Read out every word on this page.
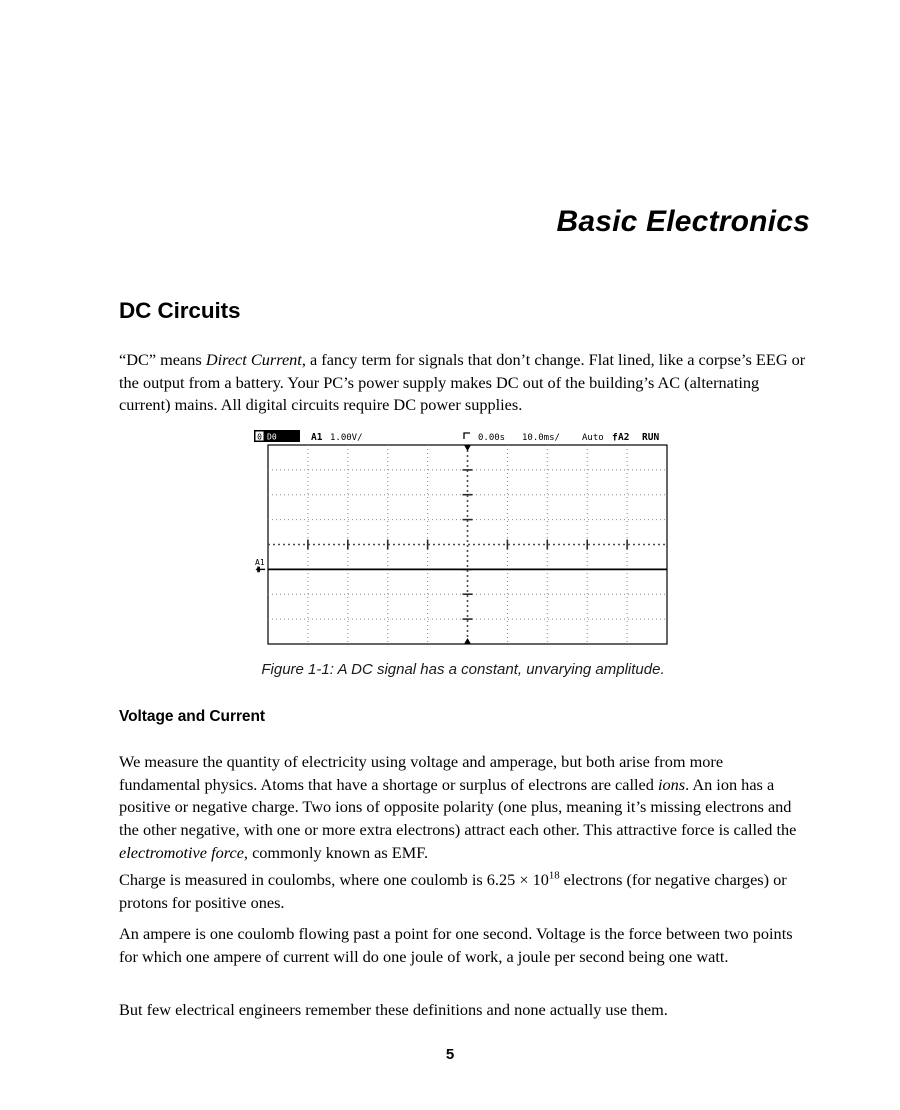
Basic Electronics
DC Circuits

“DC” means Direct Current, a fancy term for signals that don’t change. Flat lined, like a corpse’s EEG or the output from a battery. Your PC’s power supply makes DC out of the building’s AC (alternating current) mains. All digital circuits require DC power supplies.

0 D0	A1 1.00V/	0.00s 10.0ms/ Auto f A2 RUN
A1
Figure 1-1: A DC signal has a constant, unvarying amplitude.
Voltage and Current

We measure the quantity of electricity using voltage and amperage, but both arise from more fundamental physics. Atoms that have a shortage or surplus of electrons are called ions. An ion has a positive or negative charge. Two ions of opposite polarity (one plus, meaning it’s missing electrons and the other negative, with one or more extra electrons) attract each other. This attractive force is called the electromotive force, commonly known as EMF.

Charge is measured in coulombs, where one coulomb is $6.25 \times 10^{18}$ electrons (for negative charges) or protons for positive ones.

An ampere is one coulomb flowing past a point for one second. Voltage is the force between two points for which one ampere of current will do one joule of work, a joule per second being one watt.

But few electrical engineers remember these definitions and none actually use them.

5
